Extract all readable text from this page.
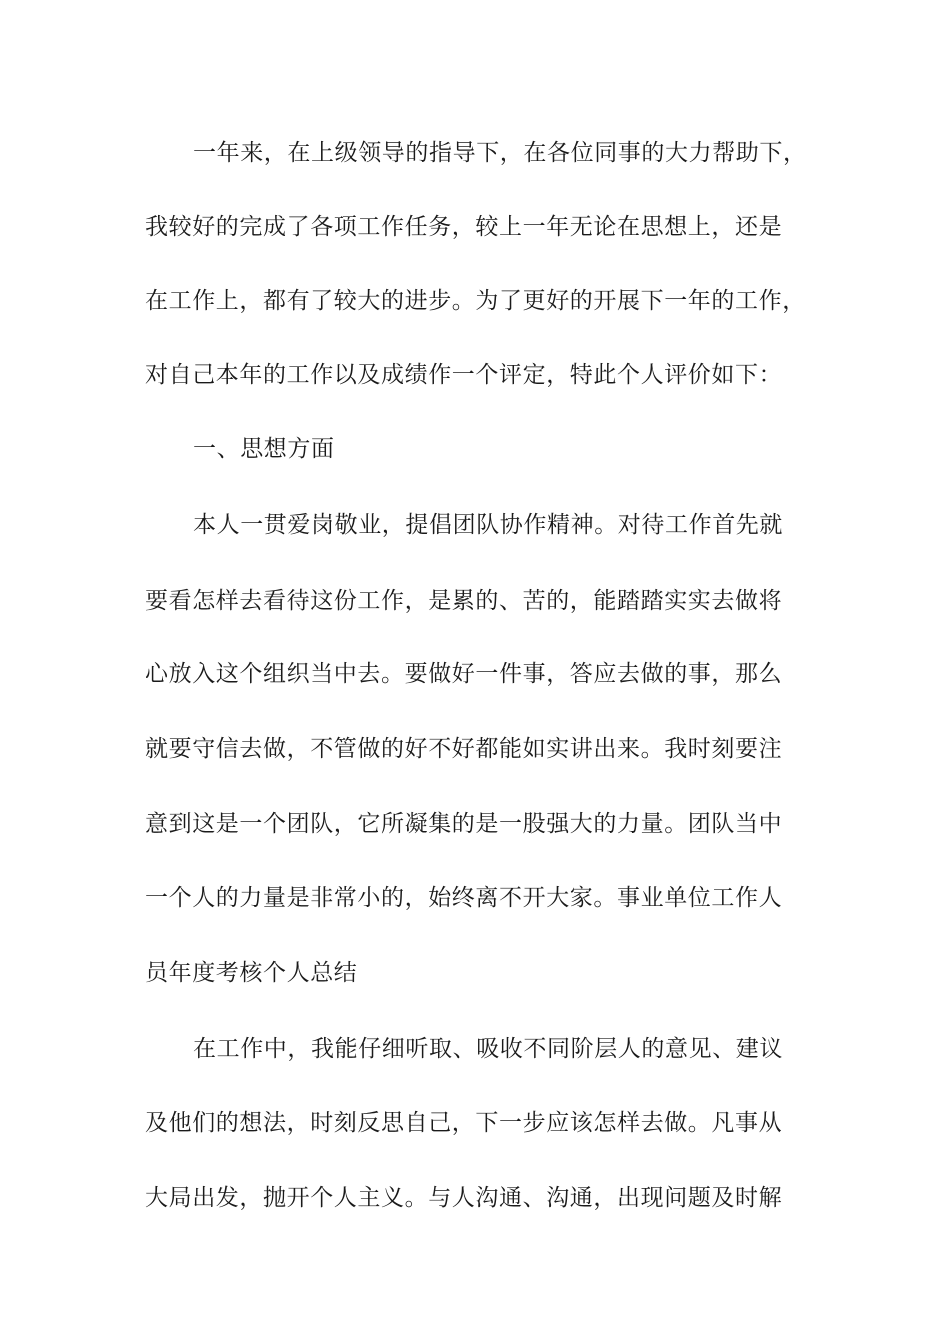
一年来，在上级领导的指导下，在各位同事的大力帮助下，
我较好的完成了各项工作任务，较上一年无论在思想上，还是
在工作上，都有了较大的进步。为了更好的开展下一年的工作，
对自己本年的工作以及成绩作一个评定，特此个人评价如下：
一、思想方面
本人一贯爱岗敬业，提倡团队协作精神。对待工作首先就
要看怎样去看待这份工作，是累的、苦的，能踏踏实实去做将
心放入这个组织当中去。要做好一件事，答应去做的事，那么
就要守信去做，不管做的好不好都能如实讲出来。我时刻要注
意到这是一个团队，它所凝集的是一股强大的力量。团队当中
一个人的力量是非常小的，始终离不开大家。事业单位工作人
员年度考核个人总结
在工作中，我能仔细听取、吸收不同阶层人的意见、建议
及他们的想法，时刻反思自己，下一步应该怎样去做。凡事从
大局出发，抛开个人主义。与人沟通、沟通，出现问题及时解
